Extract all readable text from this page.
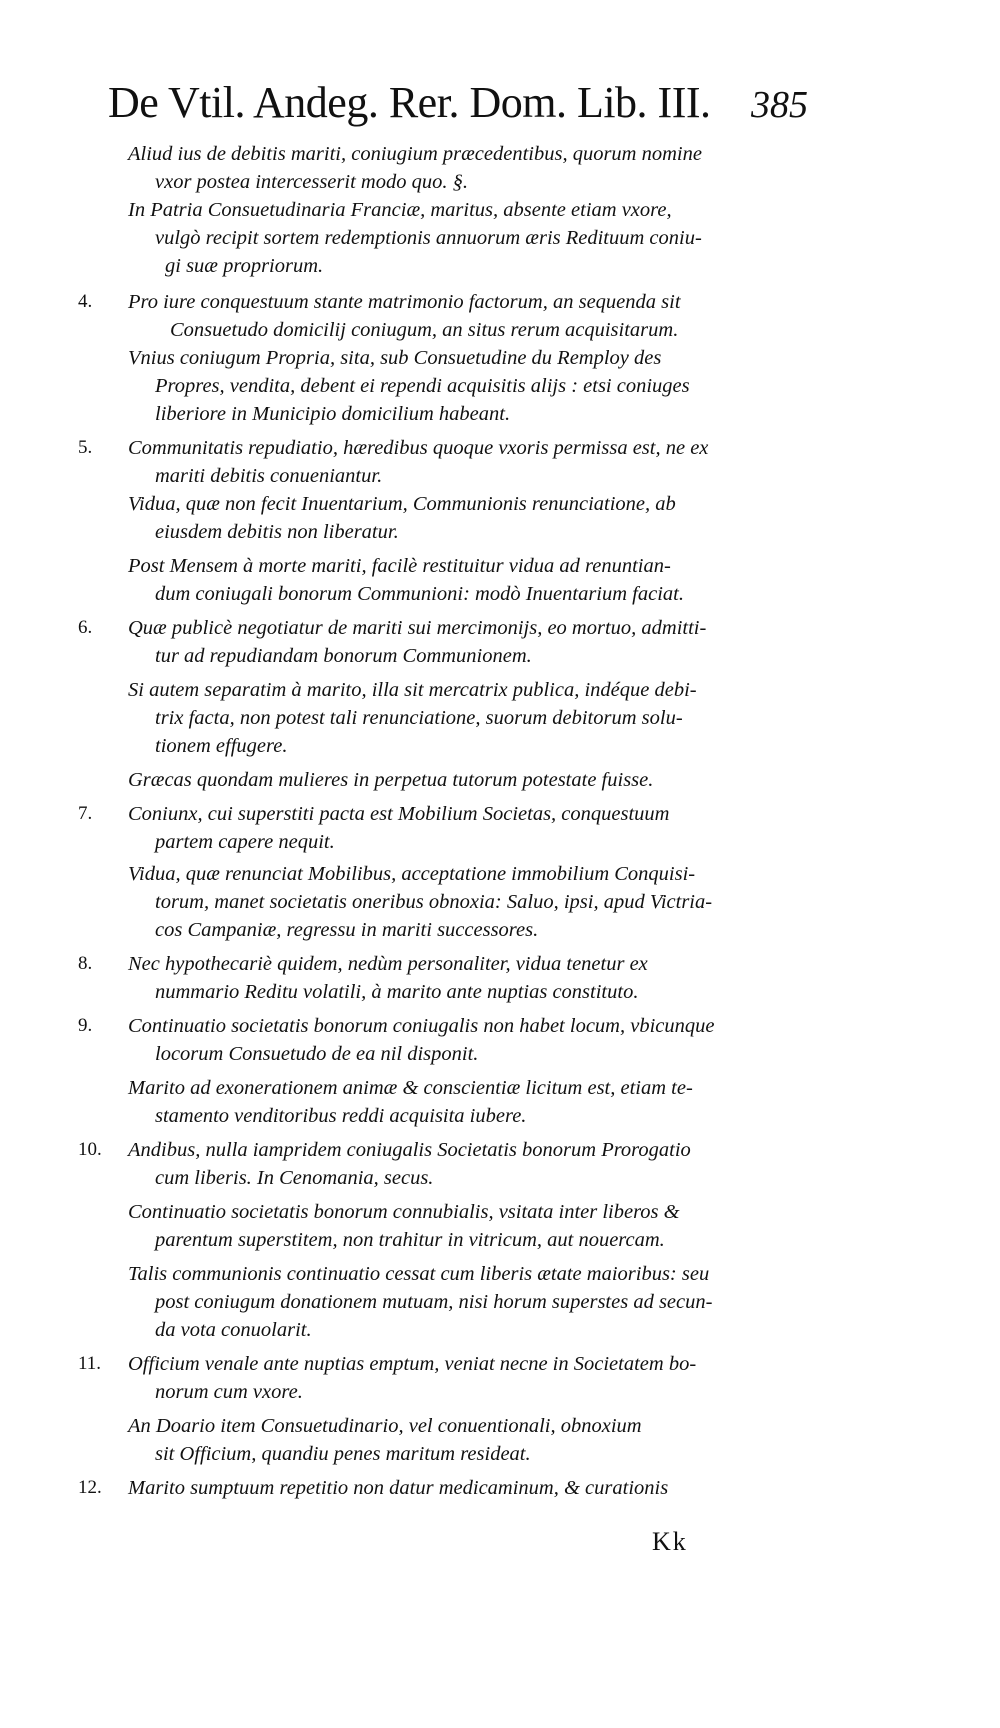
De Vtil. Andeg. Rer. Dom. Lib. III. 385
Aliud ius de debitis mariti, coniugium præcedentibus, quorum nomine
vxor postea intercesserit modo quo. §.
In Patria Consuetudinaria Franciæ, maritus, absente etiam vxore,
vulgò recipit sortem redemptionis annuorum æris Redituum coniu-
gi suæ propriorum.
4.	Pro iure conquestuum stante matrimonio factorum, an sequenda sit
Consuetudo domicilij coniugum, an situs rerum acquisitarum.
Vnius coniugum Propria, sita, sub Consuetudine du Remploy des
Propres, vendita, debent ei rependi acquisitis alijs : etsi coniuges
liberiore in Municipio domicilium habeant.
5.	Communitatis repudiatio, hæredibus quoque vxoris permissa est, ne ex
mariti debitis conueniantur.
Vidua, quæ non fecit Inuentarium, Communionis renunciatione, ab
eiusdem debitis non liberatur.
Post Mensem à morte mariti, facilè restituitur vidua ad renuntian-
dum coniugali bonorum Communioni: modò Inuentarium faciat.
6.	Quæ publicè negotiatur de mariti sui mercimonijs, eo mortuo, admitti-
tur ad repudiandam bonorum Communionem.
Si autem separatim à marito, illa sit mercatrix publica, indéque debi-
trix facta, non potest tali renunciatione, suorum debitorum solu-
tionem effugere.
Græcas quondam mulieres in perpetua tutorum potestate fuisse.
7.	Coniunx, cui superstiti pacta est Mobilium Societas, conquestuum
partem capere nequit.
Vidua, quæ renunciat Mobilibus, acceptatione immobilium Conquisi-
torum, manet societatis oneribus obnoxia: Saluo, ipsi, apud Victria-
cos Campaniæ, regressu in mariti successores.
8.	Nec hypothecariè quidem, nedùm personaliter, vidua tenetur ex
nummario Reditu volatili, à marito ante nuptias constituto.
9.	Continuatio societatis bonorum coniugalis non habet locum, vbicunque
locorum Consuetudo de ea nil disponit.
Marito ad exonerationem animæ & conscientiæ licitum est, etiam te-
stamento venditoribus reddi acquisita iubere.
10.	Andibus, nulla iampridem coniugalis Societatis bonorum Prorogatio
cum liberis. In Cenomania, secus.
Continuatio societatis bonorum connubialis, vsitata inter liberos &
parentum superstitem, non trahitur in vitricum, aut nouercam.
Talis communionis continuatio cessat cum liberis ætate maioribus: seu
post coniugum donationem mutuam, nisi horum superstes ad secun-
da vota conuolarit.
11.	Officium venale ante nuptias emptum, veniat necne in Societatem bo-
norum cum vxore.
An Doario item Consuetudinario, vel conuentionali, obnoxium
sit Officium, quandiu penes maritum resideat.
12.	Marito sumptuum repetitio non datur medicaminum, & curationis
Kk
